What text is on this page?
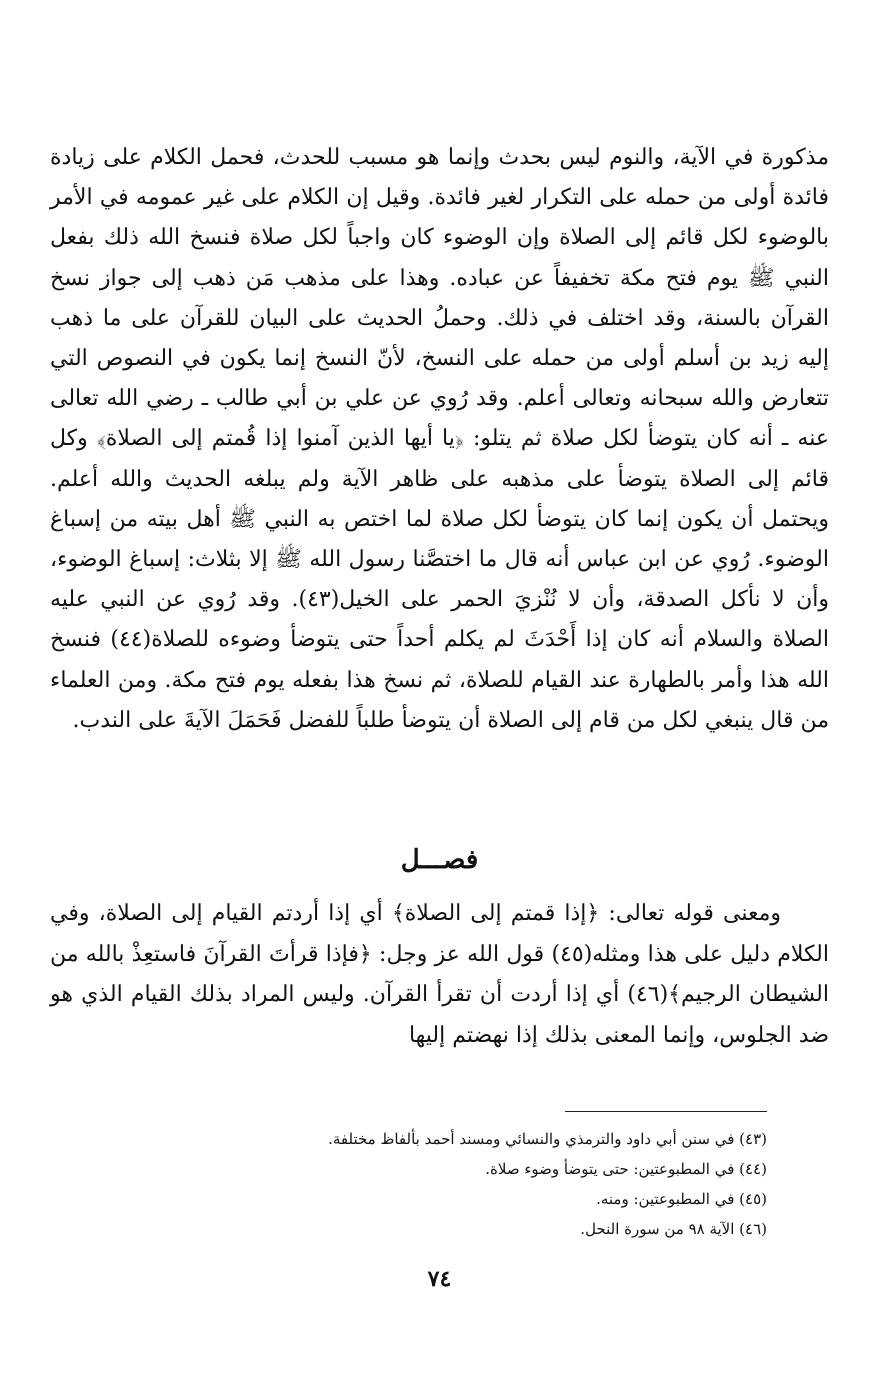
مذكورة في الآية، والنوم ليس بحدث وإنما هو مسبب للحدث، فحمل الكلام على زيادة فائدة أولى من حمله على التكرار لغير فائدة. وقيل إن الكلام على غير عمومه في الأمر بالوضوء لكل قائم إلى الصلاة وإن الوضوء كان واجباً لكل صلاة فنسخ الله ذلك بفعل النبي ﷺ يوم فتح مكة تخفيفاً عن عباده. وهذا على مذهب مَن ذهب إلى جواز نسخ القرآن بالسنة، وقد اختلف في ذلك. وحملُ الحديث على البيان للقرآن على ما ذهب إليه زيد بن أسلم أولى من حمله على النسخ، لأنّ النسخ إنما يكون في النصوص التي تتعارض والله سبحانه وتعالى أعلم. وقد رُوي عن علي بن أبي طالب ـ رضي الله تعالى عنه ـ أنه كان يتوضأ لكل صلاة ثم يتلو: ﴿يا أيها الذين آمنوا إذا قُمتم إلى الصلاة﴾ وكل قائم إلى الصلاة يتوضأ على مذهبه على ظاهر الآية ولم يبلغه الحديث والله أعلم. ويحتمل أن يكون إنما كان يتوضأ لكل صلاة لما اختص به النبي ﷺ أهل بيته من إسباغ الوضوء. رُوي عن ابن عباس أنه قال ما اختصَّنا رسول الله ﷺ إلا بثلاث: إسباغ الوضوء، وأن لا نأكل الصدقة، وأن لا نُنْزيَ الحمر على الخيل(٤٣). وقد رُوي عن النبي عليه الصلاة والسلام أنه كان إذا أَحْدَثَ لم يكلم أحداً حتى يتوضأ وضوءه للصلاة(٤٤) فنسخ الله هذا وأمر بالطهارة عند القيام للصلاة، ثم نسخ هذا بفعله يوم فتح مكة. ومن العلماء من قال ينبغي لكل من قام إلى الصلاة أن يتوضأ طلباً للفضل فَحَمَلَ الآيةَ على الندب.

فصـــل

ومعنى قوله تعالى: ﴿إذا قمتم إلى الصلاة﴾ أي إذا أردتم القيام إلى الصلاة، وفي الكلام دليل على هذا ومثله(٤٥) قول الله عز وجل: ﴿فإذا قرأتَ القرآنَ فاستعِذْ بالله من الشيطان الرجيم﴾(٤٦) أي إذا أردت أن تقرأ القرآن. وليس المراد بذلك القيام الذي هو ضد الجلوس، وإنما المعنى بذلك إذا نهضتم إليها

(٤٣) في سنن أبي داود والترمذي والنسائي ومسند أحمد بألفاظ مختلفة.

(٤٤) في المطبوعتين: حتى يتوضأ وضوء صلاة.

(٤٥) في المطبوعتين: ومنه.

(٤٦) الآية ٩٨ من سورة النحل.

٧٤
